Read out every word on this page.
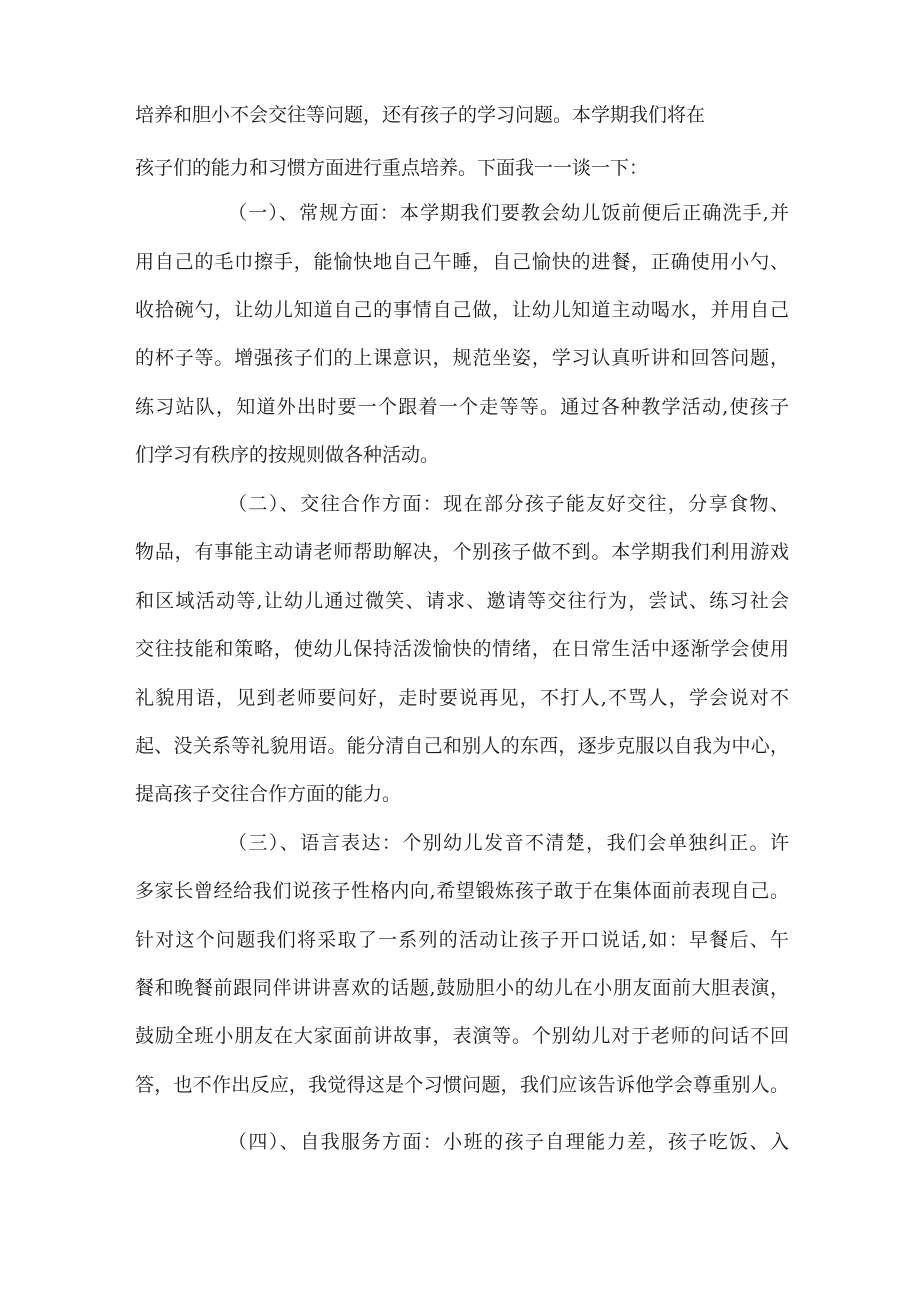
培养和胆小不会交往等问题，还有孩子的学习问题。本学期我们将在
孩子们的能力和习惯方面进行重点培养。下面我一一谈一下：
（一）、常规方面：本学期我们要教会幼儿饭前便后正确洗手,并
用自己的毛巾擦手，能愉快地自己午睡，自己愉快的进餐，正确使用小勺、
收拾碗勺，让幼儿知道自己的事情自己做，让幼儿知道主动喝水，并用自己
的杯子等。增强孩子们的上课意识，规范坐姿，学习认真听讲和回答问题，
练习站队，知道外出时要一个跟着一个走等等。通过各种教学活动,使孩子
们学习有秩序的按规则做各种活动。
（二）、交往合作方面：现在部分孩子能友好交往，分享食物、
物品，有事能主动请老师帮助解决，个别孩子做不到。本学期我们利用游戏
和区域活动等,让幼儿通过微笑、请求、邀请等交往行为，尝试、练习社会
交往技能和策略，使幼儿保持活泼愉快的情绪，在日常生活中逐渐学会使用
礼貌用语，见到老师要问好，走时要说再见，不打人,不骂人，学会说对不
起、没关系等礼貌用语。能分清自己和别人的东西，逐步克服以自我为中心，
提高孩子交往合作方面的能力。
（三）、语言表达：个别幼儿发音不清楚，我们会单独纠正。许
多家长曾经给我们说孩子性格内向,希望锻炼孩子敢于在集体面前表现自己。
针对这个问题我们将采取了一系列的活动让孩子开口说话,如：早餐后、午
餐和晚餐前跟同伴讲讲喜欢的话题,鼓励胆小的幼儿在小朋友面前大胆表演，
鼓励全班小朋友在大家面前讲故事，表演等。个别幼儿对于老师的问话不回
答，也不作出反应，我觉得这是个习惯问题，我们应该告诉他学会尊重别人。
（四）、自我服务方面：小班的孩子自理能力差，孩子吃饭、入
